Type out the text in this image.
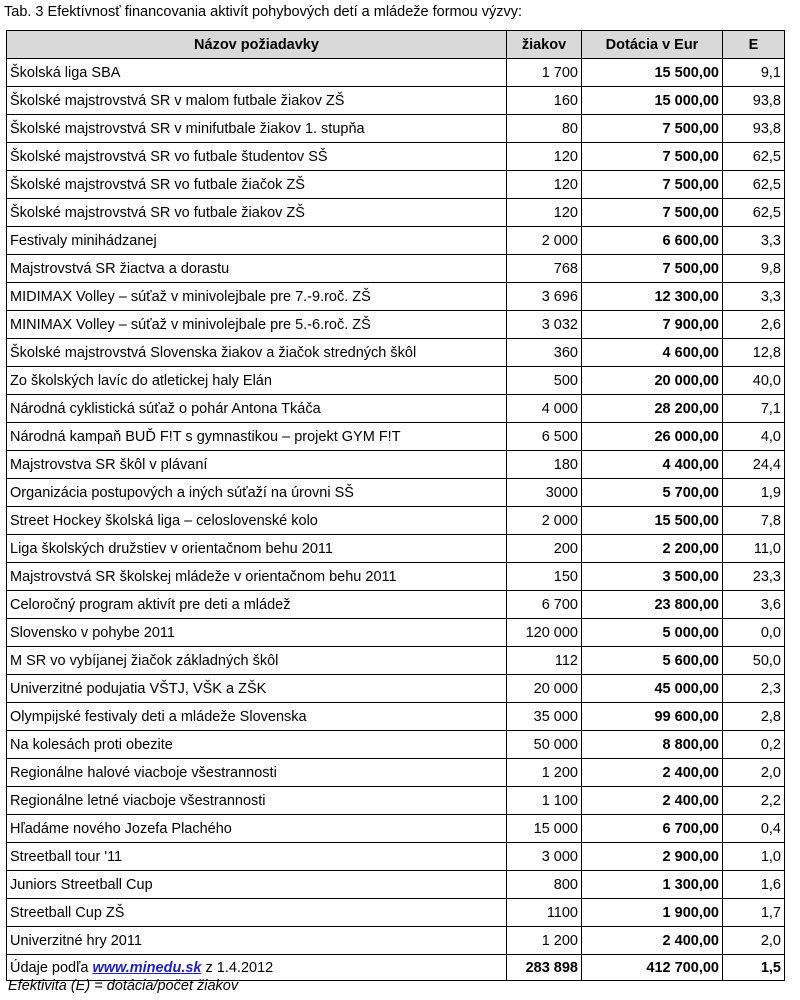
Tab. 3 Efektívnosť financovania aktivít pohybových detí a mládeže formou výzvy:
Názov požiadavky	žiakov	Dotácia v Eur	E
Školská liga SBA	1 700	15 500,00	9,1
Školské majstrovstvá SR v malom futbale žiakov ZŠ	160	15 000,00	93,8
Školské majstrovstvá SR v minifutbale žiakov 1. stupňa	80	7 500,00	93,8
Školské majstrovstvá SR vo futbale študentov SŠ	120	7 500,00	62,5
Školské majstrovstvá SR vo futbale žiačok ZŠ	120	7 500,00	62,5
Školské majstrovstvá SR vo futbale žiakov ZŠ	120	7 500,00	62,5
Festivaly minihádzanej	2 000	6 600,00	3,3
Majstrovstvá SR žiactva a dorastu	768	7 500,00	9,8
MIDIMAX Volley – súťaž v minivolejbale pre 7.-9.roč. ZŠ	3 696	12 300,00	3,3
MINIMAX Volley – súťaž v minivolejbale pre 5.-6.roč. ZŠ	3 032	7 900,00	2,6
Školské majstrovstvá Slovenska žiakov a žiačok stredných škôl	360	4 600,00	12,8
Zo školských lavíc do atletickej haly Elán	500	20 000,00	40,0
Národná cyklistická súťaž o pohár Antona Tkáča	4 000	28 200,00	7,1
Národná kampaň BUĎ F!T s gymnastikou – projekt GYM F!T	6 500	26 000,00	4,0
Majstrovstva SR škôl v plávaní	180	4 400,00	24,4
Organizácia postupových a iných súťaží na úrovni SŠ	3000	5 700,00	1,9
Street Hockey školská liga – celoslovenské kolo	2 000	15 500,00	7,8
Liga školských družstiev v orientačnom behu 2011	200	2 200,00	11,0
Majstrovstvá SR školskej mládeže v orientačnom behu 2011	150	3 500,00	23,3
Celoročný program aktivít pre deti a mládež	6 700	23 800,00	3,6
Slovensko v pohybe 2011	120 000	5 000,00	0,0
M SR vo vybíjanej žiačok základných škôl	112	5 600,00	50,0
Univerzitné podujatia VŠTJ, VŠK a ZŠK	20 000	45 000,00	2,3
Olympijské festivaly deti a mládeže Slovenska	35 000	99 600,00	2,8
Na kolesách proti obezite	50 000	8 800,00	0,2
Regionálne halové viacboje všestrannosti	1 200	2 400,00	2,0
Regionálne letné viacboje všestrannosti	1 100	2 400,00	2,2
Hľadáme nového Jozefa Plachého	15 000	6 700,00	0,4
Streetball tour '11	3 000	2 900,00	1,0
Juniors Streetball Cup	800	1 300,00	1,6
Streetball Cup ZŠ	1100	1 900,00	1,7
Univerzitné hry 2011	1 200	2 400,00	2,0
Údaje podľa www.minedu.sk z 1.4.2012	283 898	412 700,00	1,5
Efektivita (E) = dotácia/počet žiakov
